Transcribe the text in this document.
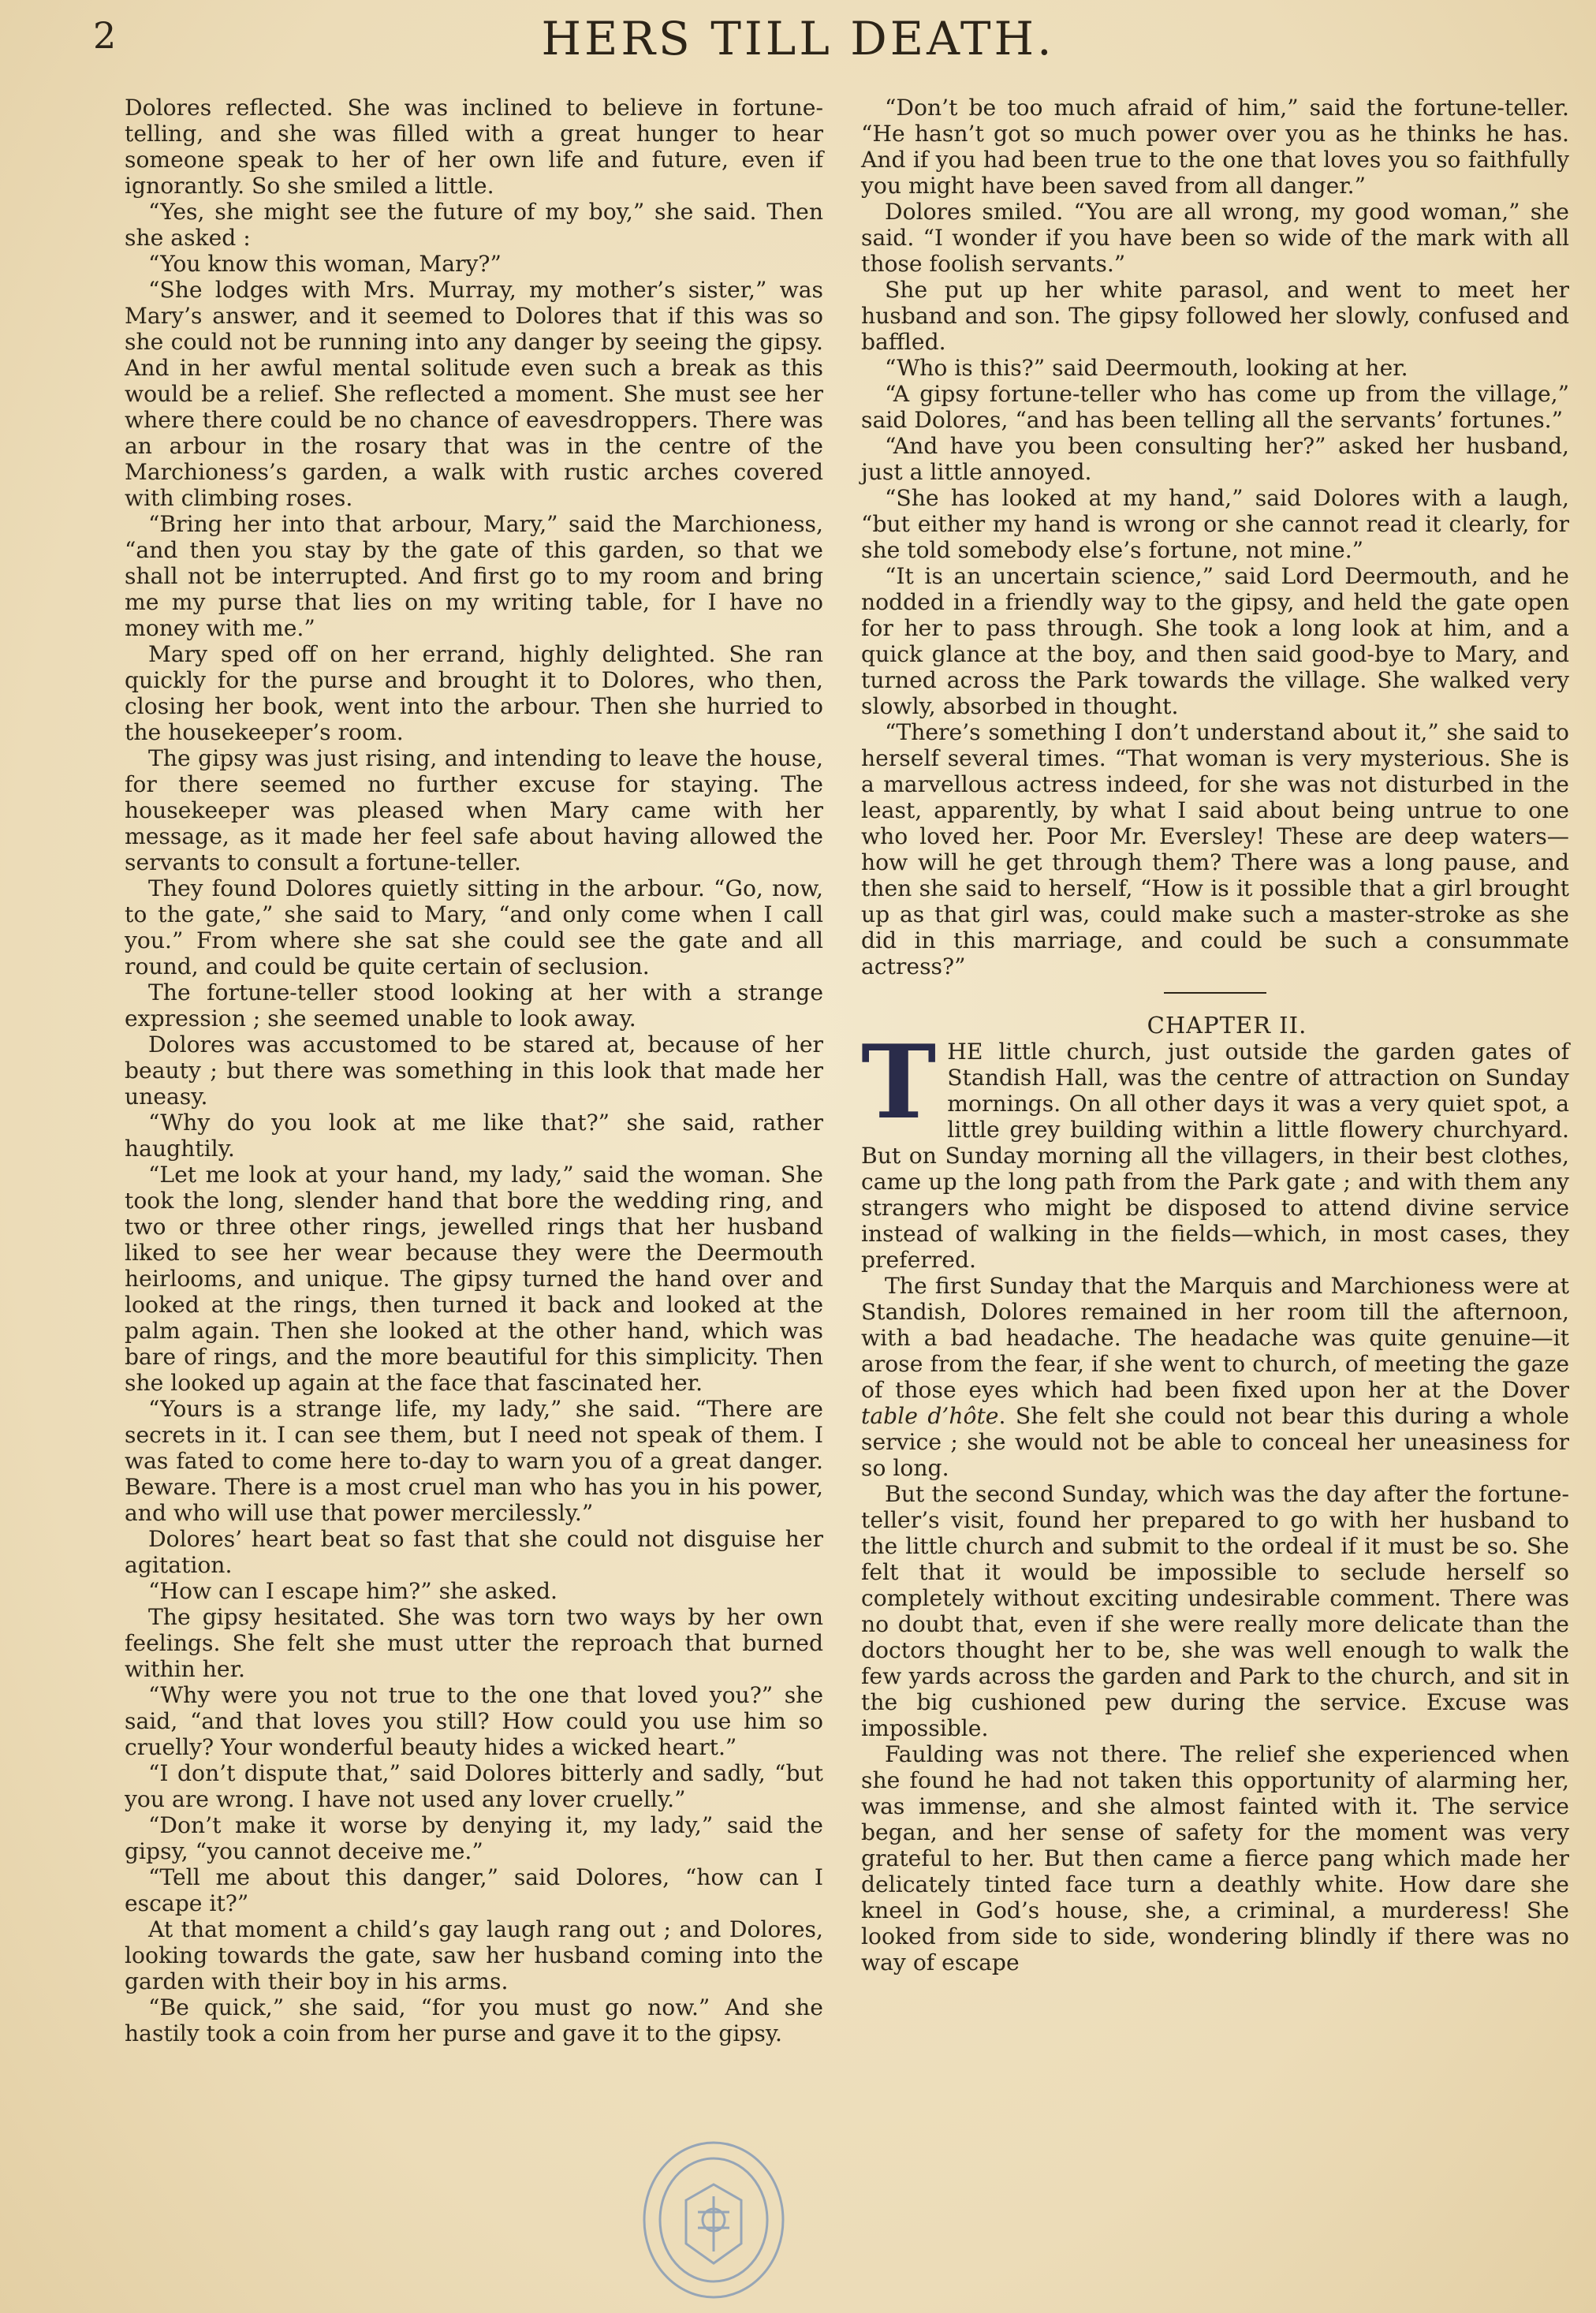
2	HERS TILL DEATH.

Dolores reflected. She was inclined to believe in fortune-telling, and she was filled with a great hunger to hear someone speak to her of her own life and future, even if ignorantly. So she smiled a little.

“Yes, she might see the future of my boy,” she said. Then she asked :

“You know this woman, Mary?”

“She lodges with Mrs. Murray, my mother’s sister,” was Mary’s answer, and it seemed to Dolores that if this was so she could not be running into any danger by seeing the gipsy. And in her awful mental solitude even such a break as this would be a relief. She reflected a moment. She must see her where there could be no chance of eavesdroppers. There was an arbour in the rosary that was in the centre of the Marchioness’s garden, a walk with rustic arches covered with climbing roses.

“Bring her into that arbour, Mary,” said the Marchioness, “and then you stay by the gate of this garden, so that we shall not be interrupted. And first go to my room and bring me my purse that lies on my writing table, for I have no money with me.”

Mary sped off on her errand, highly delighted. She ran quickly for the purse and brought it to Dolores, who then, closing her book, went into the arbour. Then she hurried to the housekeeper’s room.

The gipsy was just rising, and intending to leave the house, for there seemed no further excuse for staying. The housekeeper was pleased when Mary came with her message, as it made her feel safe about having allowed the servants to consult a fortune-teller.

They found Dolores quietly sitting in the arbour. “Go, now, to the gate,” she said to Mary, “and only come when I call you.” From where she sat she could see the gate and all round, and could be quite certain of seclusion.

The fortune-teller stood looking at her with a strange expression ; she seemed unable to look away.

Dolores was accustomed to be stared at, because of her beauty ; but there was something in this look that made her uneasy.

“Why do you look at me like that?” she said, rather haughtily.

“Let me look at your hand, my lady,” said the woman. She took the long, slender hand that bore the wedding ring, and two or three other rings, jewelled rings that her husband liked to see her wear because they were the Deermouth heirlooms, and unique. The gipsy turned the hand over and looked at the rings, then turned it back and looked at the palm again. Then she looked at the other hand, which was bare of rings, and the more beautiful for this simplicity. Then she looked up again at the face that fascinated her.

“Yours is a strange life, my lady,” she said. “There are secrets in it. I can see them, but I need not speak of them. I was fated to come here to-day to warn you of a great danger. Beware. There is a most cruel man who has you in his power, and who will use that power mercilessly.”

Dolores’ heart beat so fast that she could not disguise her agitation.

“How can I escape him?” she asked.

The gipsy hesitated. She was torn two ways by her own feelings. She felt she must utter the reproach that burned within her.

“Why were you not true to the one that loved you?” she said, “and that loves you still? How could you use him so cruelly? Your wonderful beauty hides a wicked heart.”

“I don’t dispute that,” said Dolores bitterly and sadly, “but you are wrong. I have not used any lover cruelly.”

“Don’t make it worse by denying it, my lady,” said the gipsy, “you cannot deceive me.”

“Tell me about this danger,” said Dolores, “how can I escape it?”

At that moment a child’s gay laugh rang out ; and Dolores, looking towards the gate, saw her husband coming into the garden with their boy in his arms.

“Be quick,” she said, “for you must go now.” And she hastily took a coin from her purse and gave it to the gipsy.

“Don’t be too much afraid of him,” said the fortune-teller. “He hasn’t got so much power over you as he thinks he has. And if you had been true to the one that loves you so faithfully you might have been saved from all danger.”

Dolores smiled. “You are all wrong, my good woman,” she said. “I wonder if you have been so wide of the mark with all those foolish servants.”

She put up her white parasol, and went to meet her husband and son. The gipsy followed her slowly, confused and baffled.

“Who is this?” said Deermouth, looking at her.

“A gipsy fortune-teller who has come up from the village,” said Dolores, “and has been telling all the servants’ fortunes.”

“And have you been consulting her?” asked her husband, just a little annoyed.

“She has looked at my hand,” said Dolores with a laugh, “but either my hand is wrong or she cannot read it clearly, for she told somebody else’s fortune, not mine.”

“It is an uncertain science,” said Lord Deermouth, and he nodded in a friendly way to the gipsy, and held the gate open for her to pass through. She took a long look at him, and a quick glance at the boy, and then said good-bye to Mary, and turned across the Park towards the village. She walked very slowly, absorbed in thought.

“There’s something I don’t understand about it,” she said to herself several times. “That woman is very mysterious. She is a marvellous actress indeed, for she was not disturbed in the least, apparently, by what I said about being untrue to one who loved her. Poor Mr. Eversley! These are deep waters—how will he get through them? There was a long pause, and then she said to herself, “How is it possible that a girl brought up as that girl was, could make such a master-stroke as she did in this marriage, and could be such a consummate actress?”

CHAPTER II.

THE little church, just outside the garden gates of Standish Hall, was the centre of attraction on Sunday mornings. On all other days it was a very quiet spot, a little grey building within a little flowery churchyard. But on Sunday morning all the villagers, in their best clothes, came up the long path from the Park gate ; and with them any strangers who might be disposed to attend divine service instead of walking in the fields—which, in most cases, they preferred.

The first Sunday that the Marquis and Marchioness were at Standish, Dolores remained in her room till the afternoon, with a bad headache. The headache was quite genuine—it arose from the fear, if she went to church, of meeting the gaze of those eyes which had been fixed upon her at the Dover table d’hôte. She felt she could not bear this during a whole service ; she would not be able to conceal her uneasiness for so long.

But the second Sunday, which was the day after the fortune-teller’s visit, found her prepared to go with her husband to the little church and submit to the ordeal if it must be so. She felt that it would be impossible to seclude herself so completely without exciting undesirable comment. There was no doubt that, even if she were really more delicate than the doctors thought her to be, she was well enough to walk the few yards across the garden and Park to the church, and sit in the big cushioned pew during the service. Excuse was impossible.

Faulding was not there. The relief she experienced when she found he had not taken this opportunity of alarming her, was immense, and she almost fainted with it. The service began, and her sense of safety for the moment was very grateful to her. But then came a fierce pang which made her delicately tinted face turn a deathly white. How dare she kneel in God’s house, she, a criminal, a murderess! She looked from side to side, wondering blindly if there was no way of escape
